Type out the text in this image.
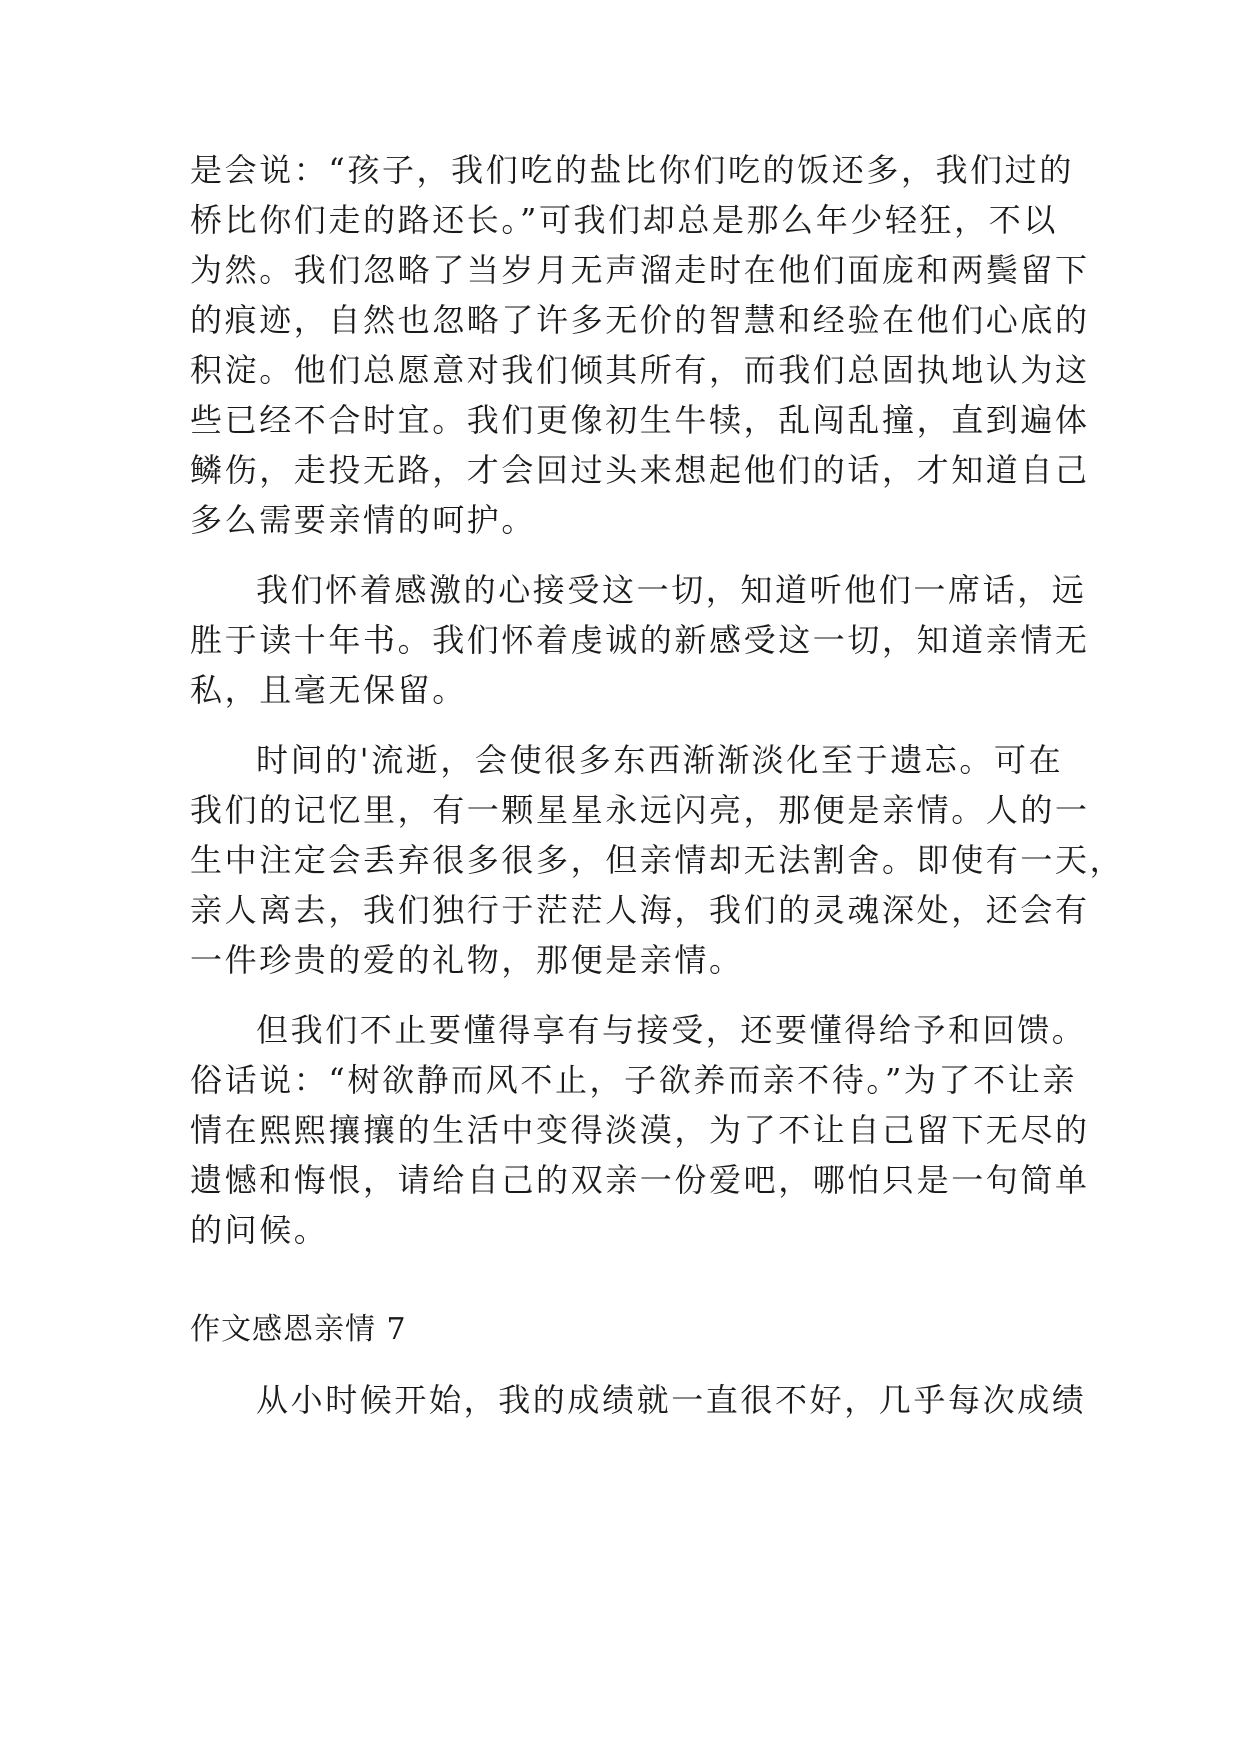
是会说：“孩子，我们吃的盐比你们吃的饭还多，我们过的
桥比你们走的路还长。”可我们却总是那么年少轻狂，不以
为然。我们忽略了当岁月无声溜走时在他们面庞和两鬓留下
的痕迹，自然也忽略了许多无价的智慧和经验在他们心底的
积淀。他们总愿意对我们倾其所有，而我们总固执地认为这
些已经不合时宜。我们更像初生牛犊，乱闯乱撞，直到遍体
鳞伤，走投无路，才会回过头来想起他们的话，才知道自己
多么需要亲情的呵护。
我们怀着感激的心接受这一切，知道听他们一席话，远
胜于读十年书。我们怀着虔诚的新感受这一切，知道亲情无
私，且毫无保留。
时间的'流逝，会使很多东西渐渐淡化至于遗忘。可在
我们的记忆里，有一颗星星永远闪亮，那便是亲情。人的一
生中注定会丢弃很多很多，但亲情却无法割舍。即使有一天，
亲人离去，我们独行于茫茫人海，我们的灵魂深处，还会有
一件珍贵的爱的礼物，那便是亲情。
但我们不止要懂得享有与接受，还要懂得给予和回馈。
俗话说：“树欲静而风不止，子欲养而亲不待。”为了不让亲
情在熙熙攘攘的生活中变得淡漠，为了不让自己留下无尽的
遗憾和悔恨，请给自己的双亲一份爱吧，哪怕只是一句简单
的问候。
作文感恩亲情 7
从小时候开始，我的成绩就一直很不好，几乎每次成绩
